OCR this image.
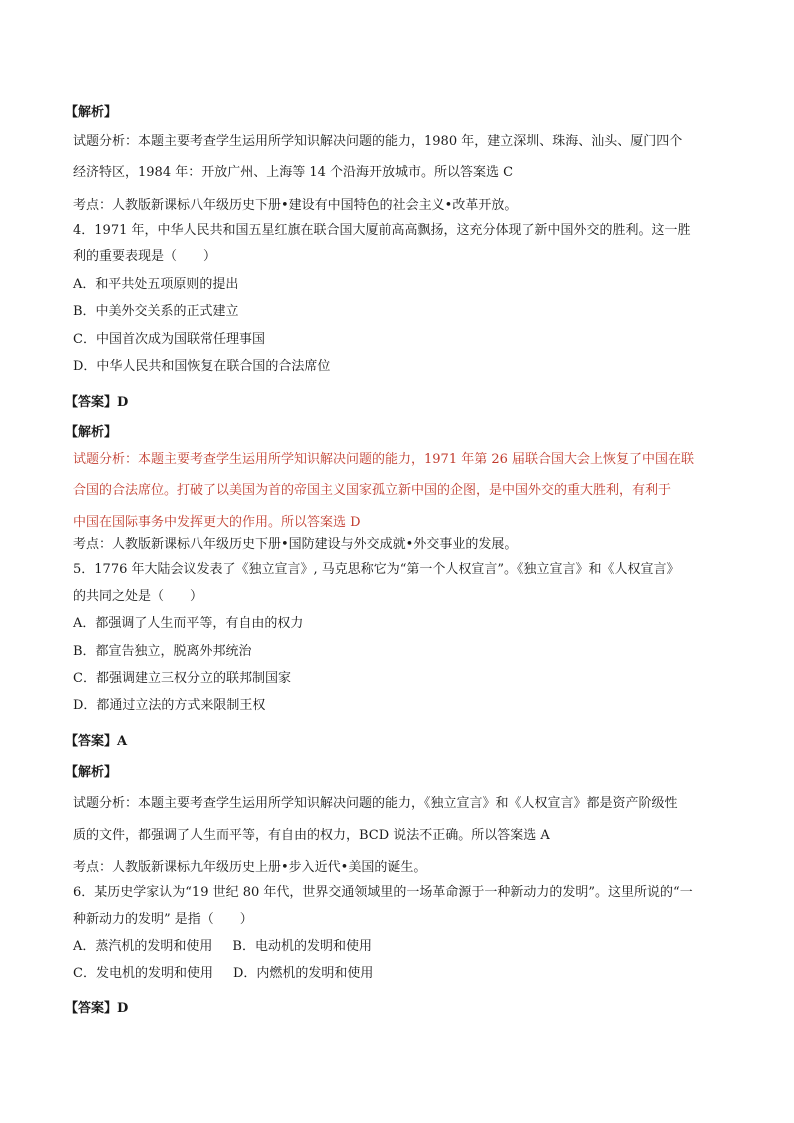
【解析】
试题分析：本题主要考查学生运用所学知识解决问题的能力，1980 年，建立深圳、珠海、汕头、厦门四个
经济特区，1984 年：开放广州、上海等 14 个沿海开放城市。所以答案选 C
考点：人教版新课标八年级历史下册•建设有中国特色的社会主义•改革开放。
4．1971 年，中华人民共和国五星红旗在联合国大厦前高高飘扬，这充分体现了新中国外交的胜利。这一胜
利的重要表现是（　　）
A．和平共处五项原则的提出
B．中美外交关系的正式建立
C．中国首次成为国联常任理事国
D．中华人民共和国恢复在联合国的合法席位
【答案】D
【解析】
试题分析：本题主要考查学生运用所学知识解决问题的能力，1971 年第 26 届联合国大会上恢复了中国在联
合国的合法席位。打破了以美国为首的帝国主义国家孤立新中国的企图，是中国外交的重大胜利，有利于
中国在国际事务中发挥更大的作用。所以答案选 D
考点：人教版新课标八年级历史下册•国防建设与外交成就•外交事业的发展。
5．1776 年大陆会议发表了《独立宣言》, 马克思称它为“第一个人权宣言”。《独立宣言》和《人权宣言》
的共同之处是（　　）
A．都强调了人生而平等，有自由的权力
B．都宣告独立，脱离外邦统治
C．都强调建立三权分立的联邦制国家
D．都通过立法的方式来限制王权
【答案】A
【解析】
试题分析：本题主要考查学生运用所学知识解决问题的能力，《独立宣言》和《人权宣言》都是资产阶级性
质的文件，都强调了人生而平等，有自由的权力，BCD 说法不正确。所以答案选 A
考点：人教版新课标九年级历史上册•步入近代•美国的诞生。
6．某历史学家认为“19 世纪 80 年代，世界交通领域里的一场革命源于一种新动力的发明”。这里所说的“一
种新动力的发明” 是指（　　）
A．蒸汽机的发明和使用 B．电动机的发明和使用
C．发电机的发明和使用 D．内燃机的发明和使用
【答案】D
